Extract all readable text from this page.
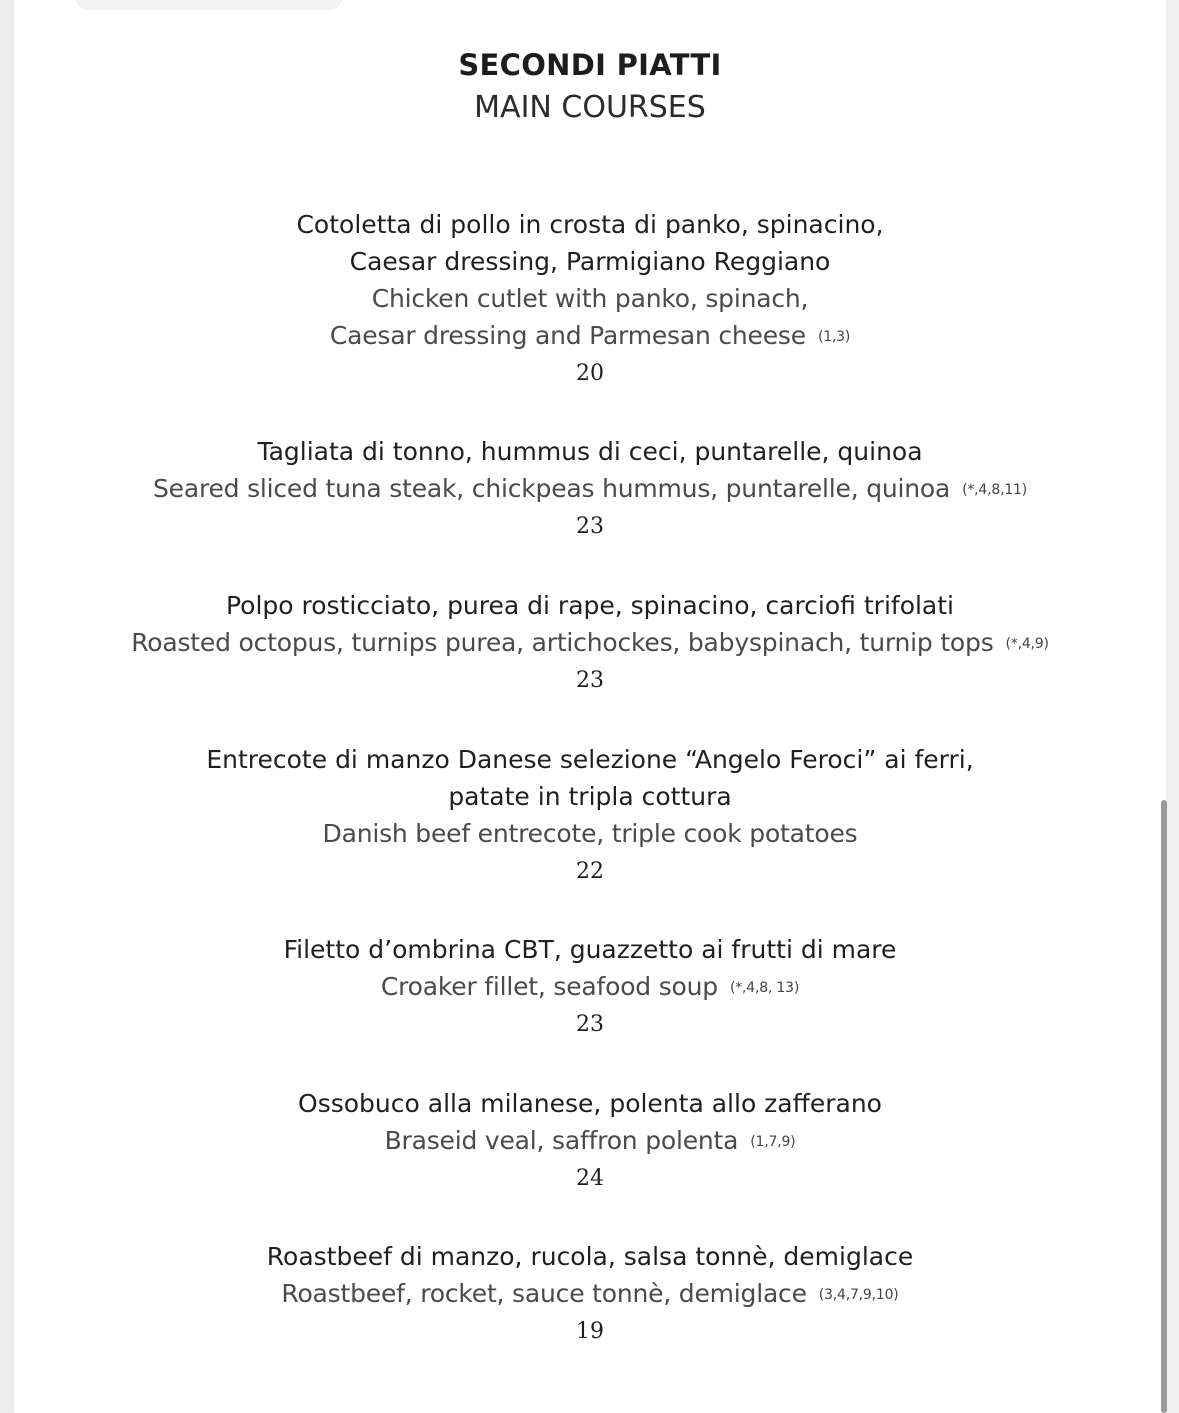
SECONDI PIATTI
MAIN COURSES
Cotoletta di pollo in crosta di panko, spinacino,
Caesar dressing, Parmigiano Reggiano
Chicken cutlet with panko, spinach,
Caesar dressing and Parmesan cheese (1,3)
20
Tagliata di tonno, hummus di ceci, puntarelle, quinoa
Seared sliced tuna steak, chickpeas hummus, puntarelle, quinoa (*,4,8,11)
23
Polpo rosticciato, purea di rape, spinacino, carciofi trifolati
Roasted octopus, turnips purea, artichockes, babyspinach, turnip tops (*,4,9)
23
Entrecote di manzo Danese selezione “Angelo Feroci” ai ferri,
patate in tripla cottura
Danish beef entrecote, triple cook potatoes
22
Filetto d’ombrina CBT, guazzetto ai frutti di mare
Croaker fillet, seafood soup (*,4,8, 13)
23
Ossobuco alla milanese, polenta allo zafferano
Braseid veal, saffron polenta (1,7,9)
24
Roastbeef di manzo, rucola, salsa tonnè, demiglace
Roastbeef, rocket, sauce tonnè, demiglace (3,4,7,9,10)
19
